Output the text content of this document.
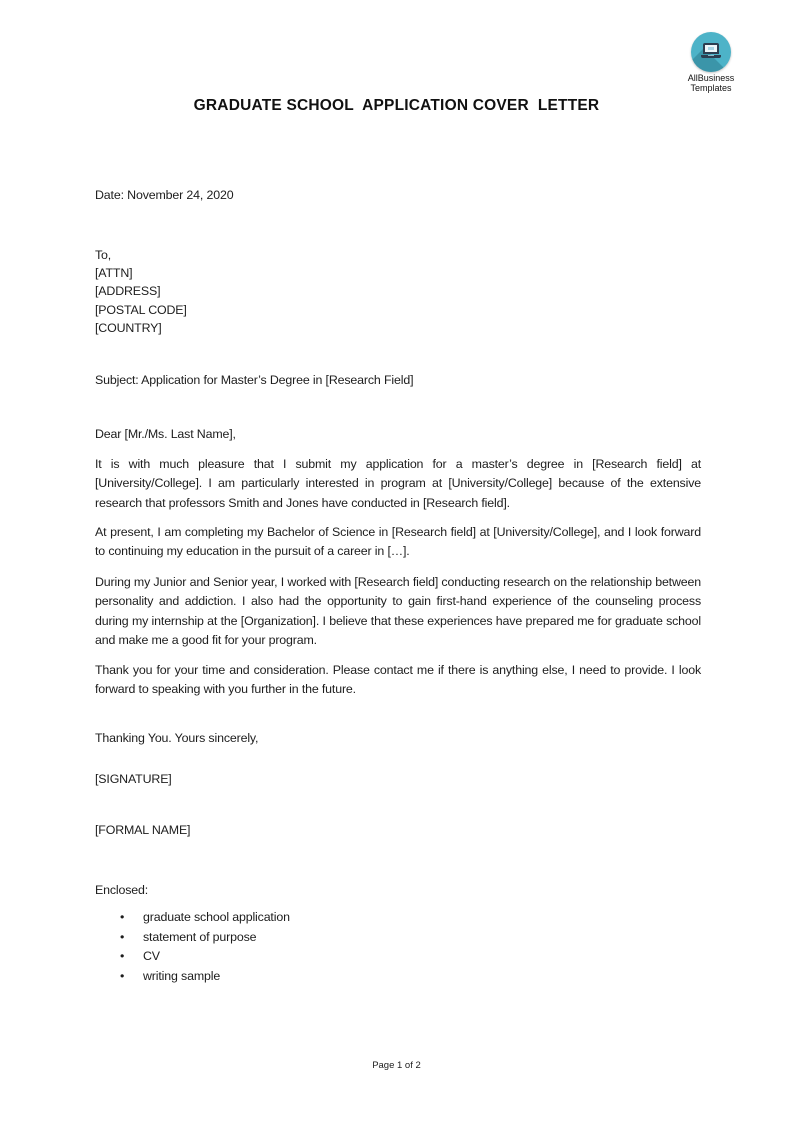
AllBusiness
Templates
GRADUATE SCHOOL  APPLICATION COVER  LETTER
Date: November 24, 2020
To,
[ATTN]
[ADDRESS]
[POSTAL CODE]
[COUNTRY]
Subject: Application for Master’s Degree in [Research Field]
Dear [Mr./Ms. Last Name],

It is with much pleasure that I submit my application for a master’s degree in [Research field] at [University/College]. I am particularly interested in program at [University/College] because of the extensive research that professors Smith and Jones have conducted in [Research field].

At present, I am completing my Bachelor of Science in [Research field] at [University/College], and I look forward to continuing my education in the pursuit of a career in […].

During my Junior and Senior year, I worked with [Research field] conducting research on the relationship between personality and addiction. I also had the opportunity to gain first-hand experience of the counseling process during my internship at the [Organization]. I believe that these experiences have prepared me for graduate school and make me a good fit for your program.

Thank you for your time and consideration. Please contact me if there is anything else, I need to provide. I look forward to speaking with you further in the future.

Thanking You. Yours sincerely,
[SIGNATURE]
[FORMAL NAME]
Enclosed:
• graduate school application
• statement of purpose
• CV
• writing sample
Page 1 of 2
